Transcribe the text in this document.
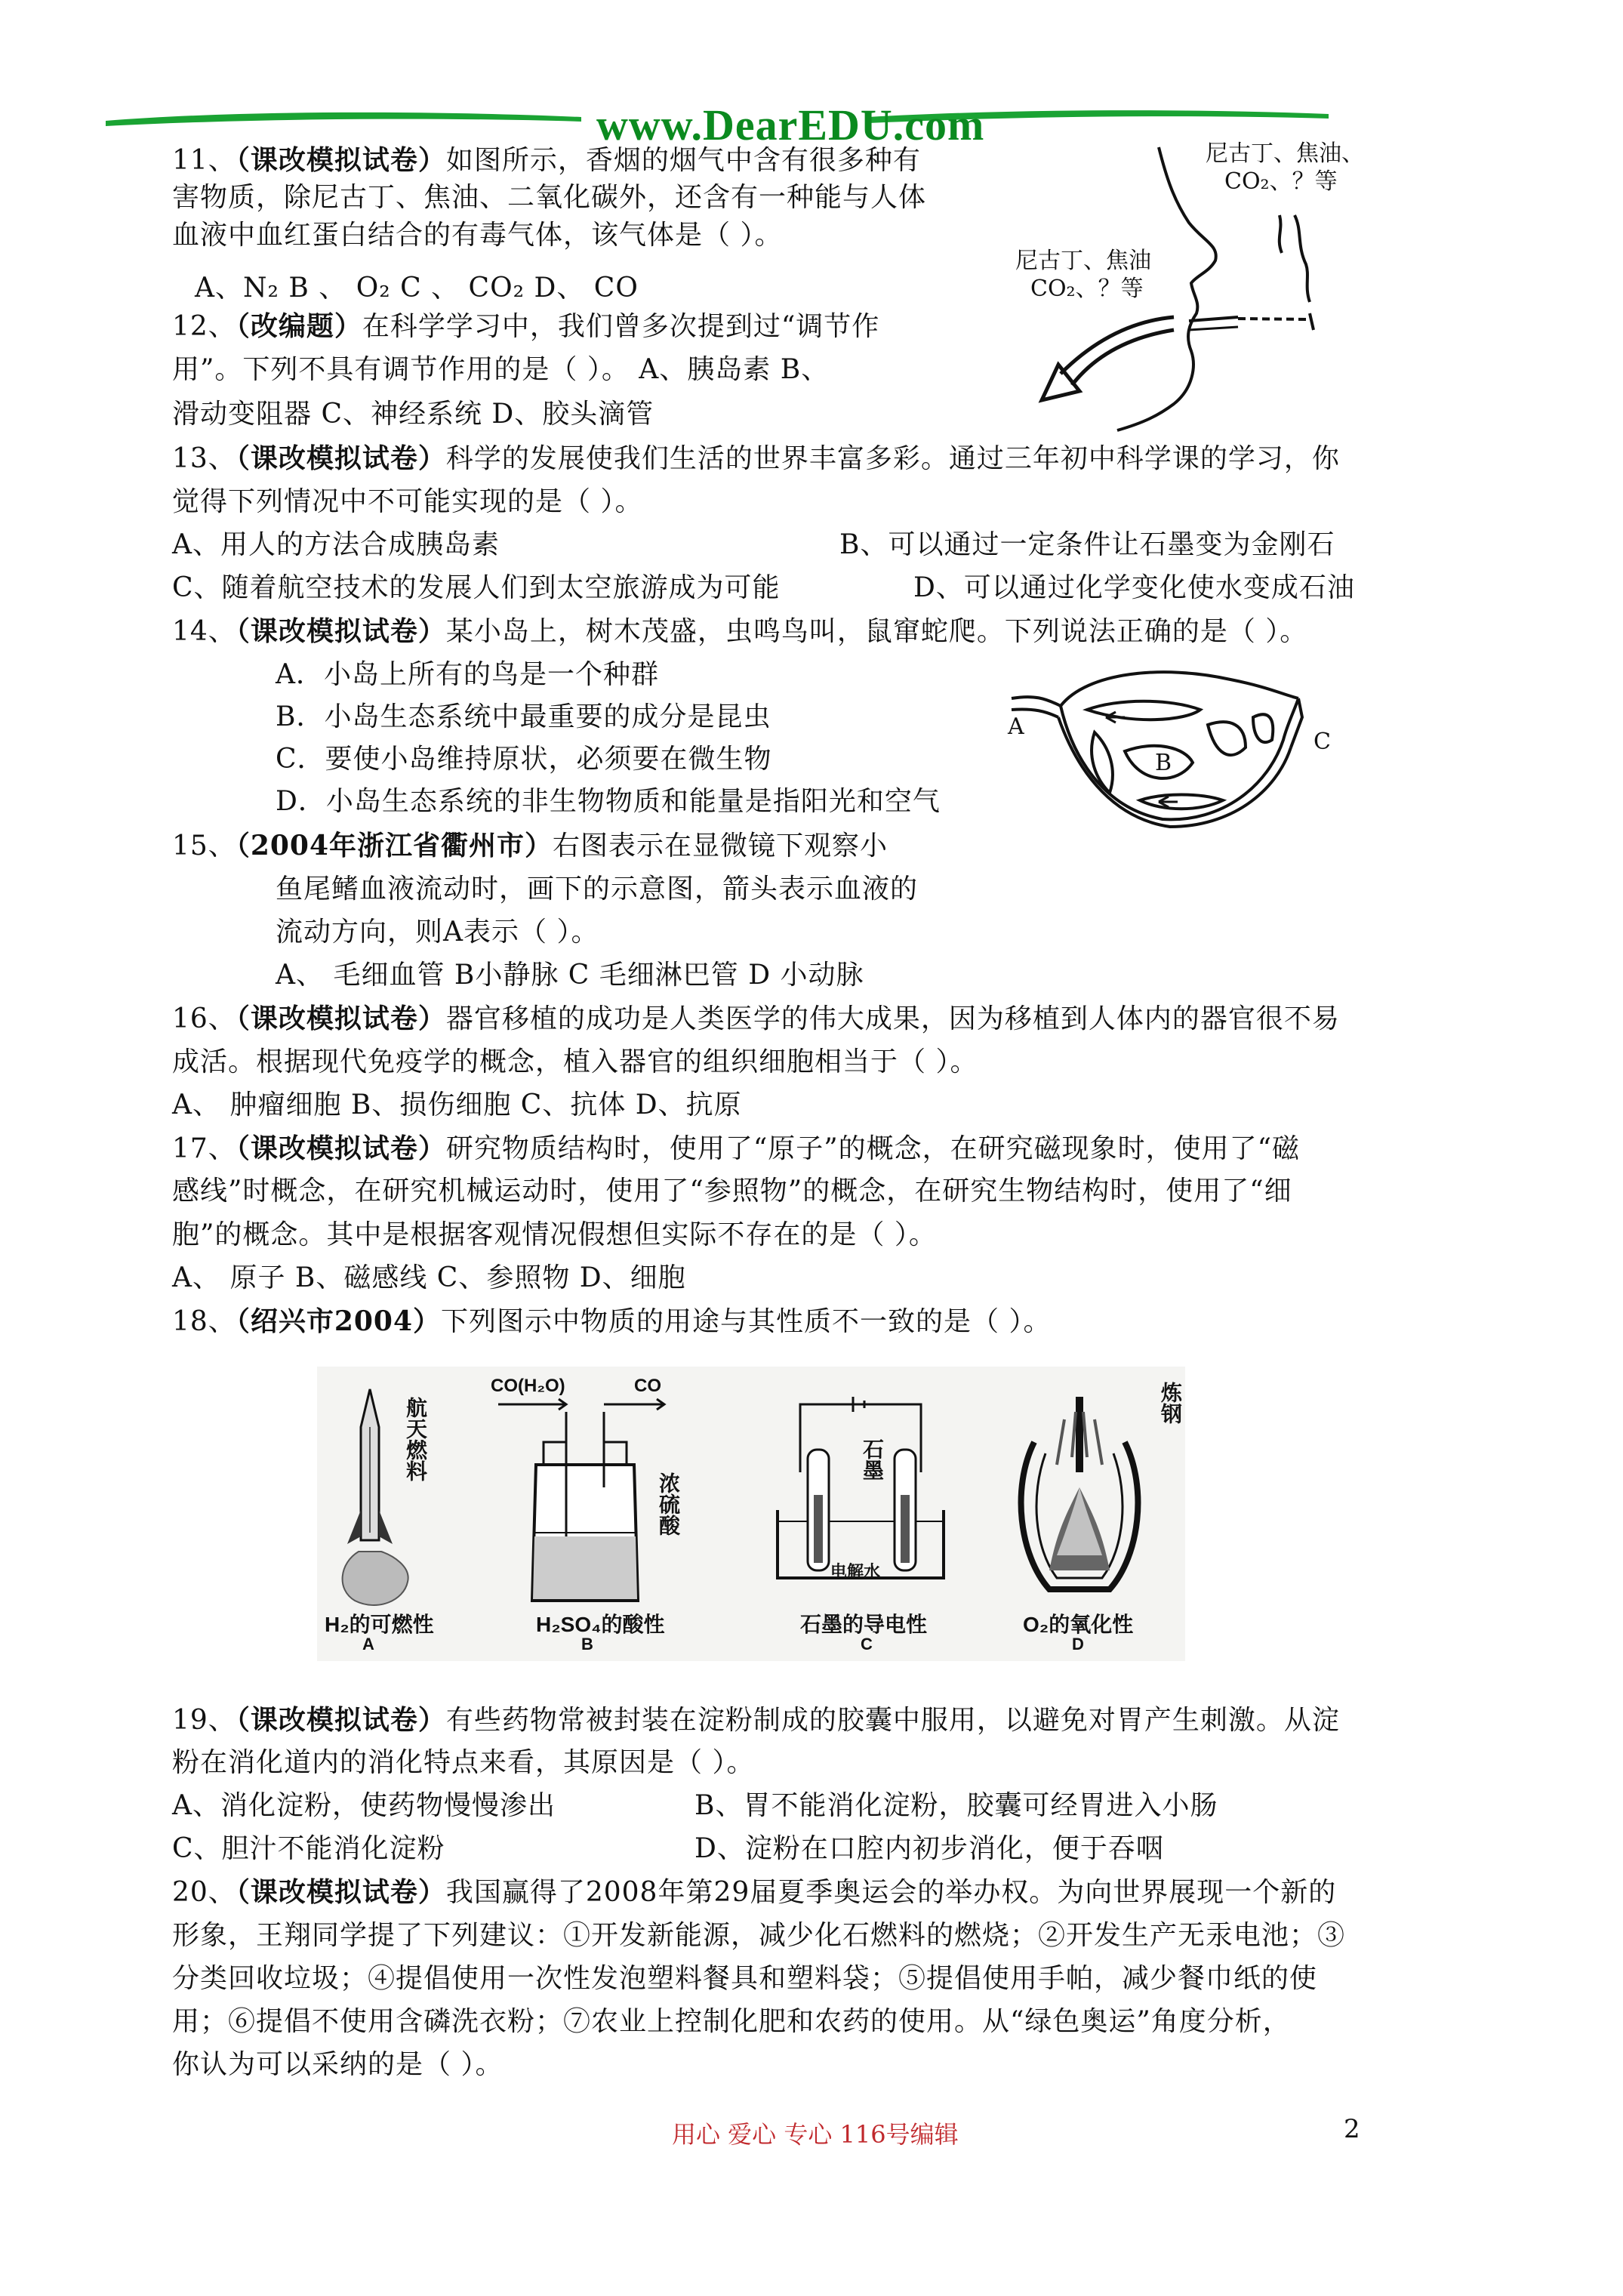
www.DearEDU.com
11、（课改模拟试卷）如图所示，香烟的烟气中含有很多种有
害物质，除尼古丁、焦油、二氧化碳外，还含有一种能与人体
血液中血红蛋白结合的有毒气体，该气体是（ ）。
A、N₂ B 、 O₂ C 、 CO₂ D、 CO
尼古丁、焦油、
CO₂、？等
尼古丁、焦油
CO₂、？等
12、（改编题）在科学学习中，我们曾多次提到过“调节作
用”。下列不具有调节作用的是（ ）。 A、胰岛素 B、
滑动变阻器 C、神经系统 D、胶头滴管
13、（课改模拟试卷）科学的发展使我们生活的世界丰富多彩。通过三年初中科学课的学习，你
觉得下列情况中不可能实现的是（ ）。
A、用人的方法合成胰岛素	B、可以通过一定条件让石墨变为金刚石
C、随着航空技术的发展人们到太空旅游成为可能	D、可以通过化学变化使水变成石油
14、（课改模拟试卷）某小岛上，树木茂盛，虫鸣鸟叫，鼠窜蛇爬。下列说法正确的是（ ）。
A．小岛上所有的鸟是一个种群
B．小岛生态系统中最重要的成分是昆虫
C．要使小岛维持原状，必须要在微生物
D．小岛生态系统的非生物物质和能量是指阳光和空气
A
B
C
15、（2004年浙江省衢州市）右图表示在显微镜下观察小
鱼尾鳍血液流动时，画下的示意图，箭头表示血液的
流动方向，则A表示（ ）。
A、 毛细血管 B小静脉 C 毛细淋巴管 D 小动脉
16、（课改模拟试卷）器官移植的成功是人类医学的伟大成果，因为移植到人体内的器官很不易
成活。根据现代免疫学的概念，植入器官的组织细胞相当于（ ）。
A、 肿瘤细胞 B、损伤细胞 C、抗体 D、抗原
17、（课改模拟试卷）研究物质结构时，使用了“原子”的概念，在研究磁现象时，使用了“磁
感线”时概念，在研究机械运动时，使用了“参照物”的概念，在研究生物结构时，使用了“细
胞”的概念。其中是根据客观情况假想但实际不存在的是（ ）。
A、 原子 B、磁感线 C、参照物 D、细胞
18、（绍兴市2004）下列图示中物质的用途与其性质不一致的是（ ）。
航天燃料
H₂的可燃性
A
CO(H₂O)	CO
浓硫酸
H₂SO₄的酸性
B
石墨
电解水
石墨的导电性
C
炼钢
O₂的氧化性
D
19、（课改模拟试卷）有些药物常被封装在淀粉制成的胶囊中服用，以避免对胃产生刺激。从淀
粉在消化道内的消化特点来看，其原因是（ ）。
A、消化淀粉，使药物慢慢渗出	B、胃不能消化淀粉，胶囊可经胃进入小肠
C、胆汁不能消化淀粉	D、淀粉在口腔内初步消化，便于吞咽
20、（课改模拟试卷）我国赢得了2008年第29届夏季奥运会的举办权。为向世界展现一个新的
形象，王翔同学提了下列建议：①开发新能源，减少化石燃料的燃烧；②开发生产无汞电池；③
分类回收垃圾；④提倡使用一次性发泡塑料餐具和塑料袋；⑤提倡使用手帕，减少餐巾纸的使
用；⑥提倡不使用含磷洗衣粉；⑦农业上控制化肥和农药的使用。从“绿色奥运”角度分析，
你认为可以采纳的是（ ）。
用心 爱心 专心 116号编辑	2
